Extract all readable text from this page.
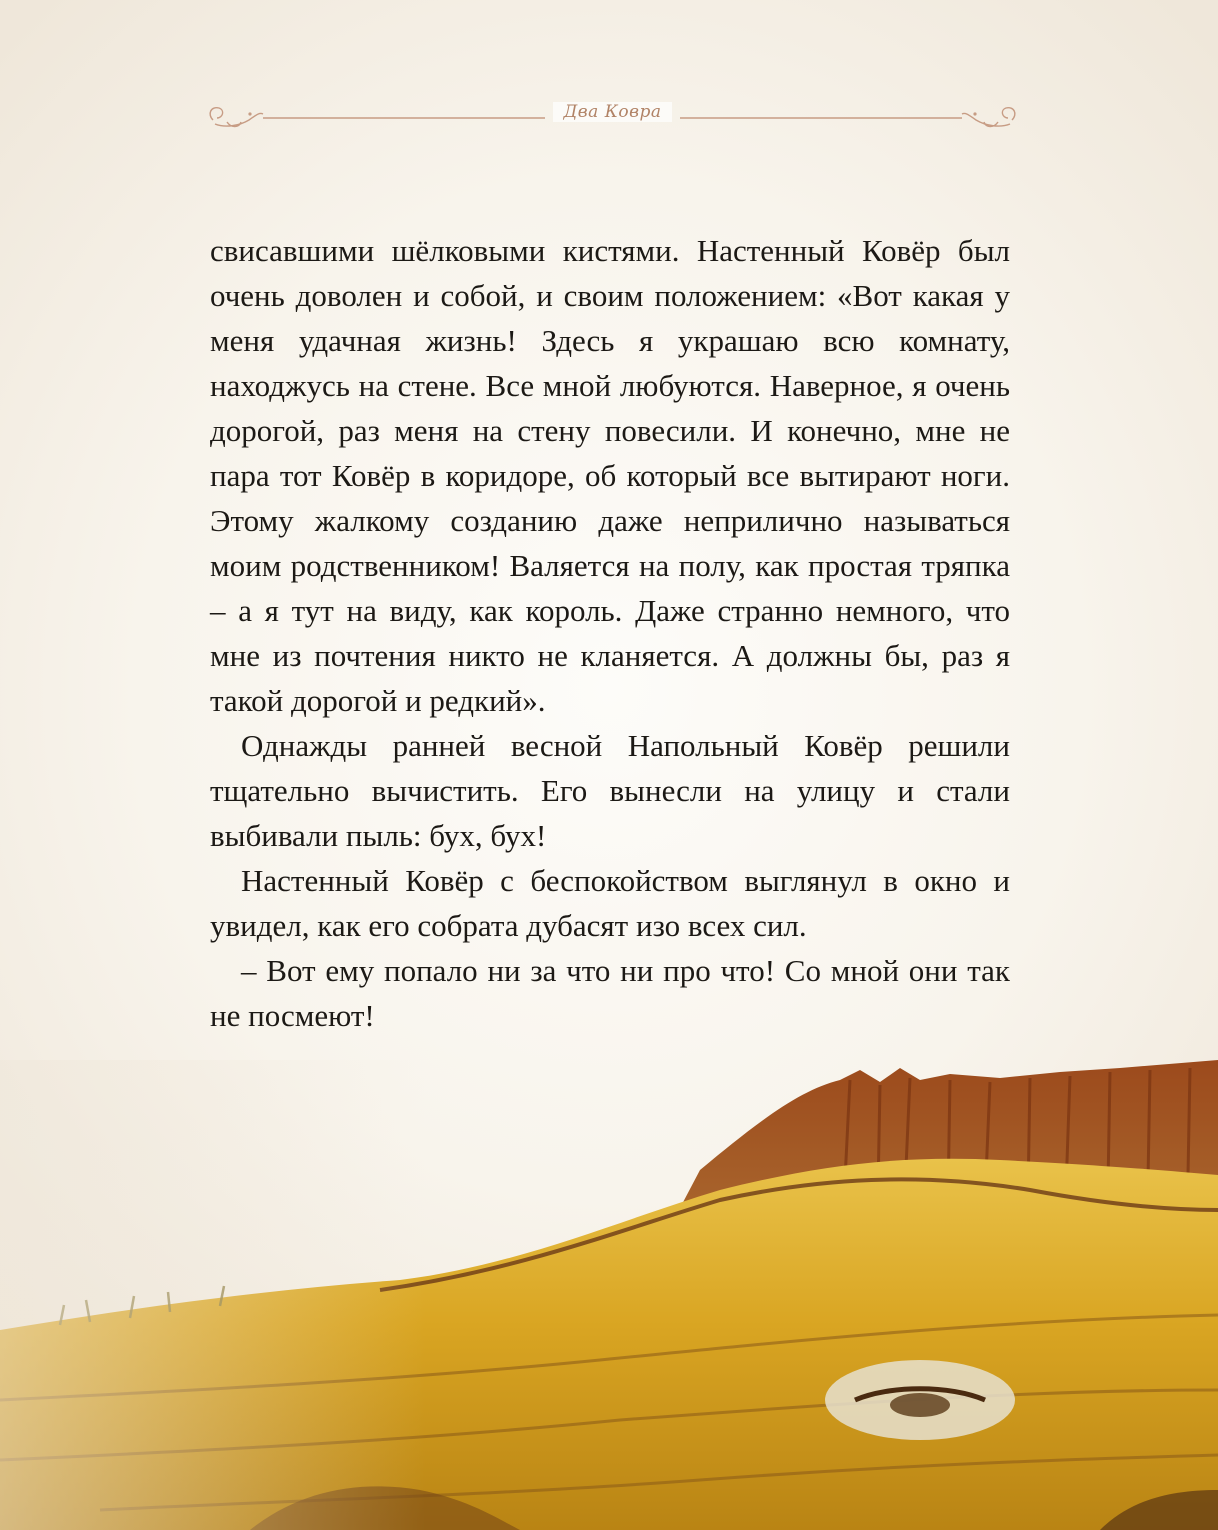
Два Ковра

свисавшими шёлковыми кистями. Настенный Ковёр был очень доволен и собой, и своим положением: «Вот какая у меня удачная жизнь! Здесь я украшаю всю комнату, находжусь на стене. Все мной любуются. Наверное, я очень дорогой, раз меня на стену повесили. И конечно, мне не пара тот Ковёр в коридоре, об который все вытирают ноги. Этому жалкому созданию даже неприлично называться моим родственником! Валяется на полу, как простая тряпка – а я тут на виду, как король. Даже странно немного, что мне из почтения никто не кланяется. А должны бы, раз я такой дорогой и редкий».

Однажды ранней весной Напольный Ковёр решили тщательно вычистить. Его вынесли на улицу и стали выбивали пыль: бух, бух!

Настенный Ковёр с беспокойством выглянул в окно и увидел, как его собрата дубасят изо всех сил.

– Вот ему попало ни за что ни про что! Со мной они так не посмеют!
